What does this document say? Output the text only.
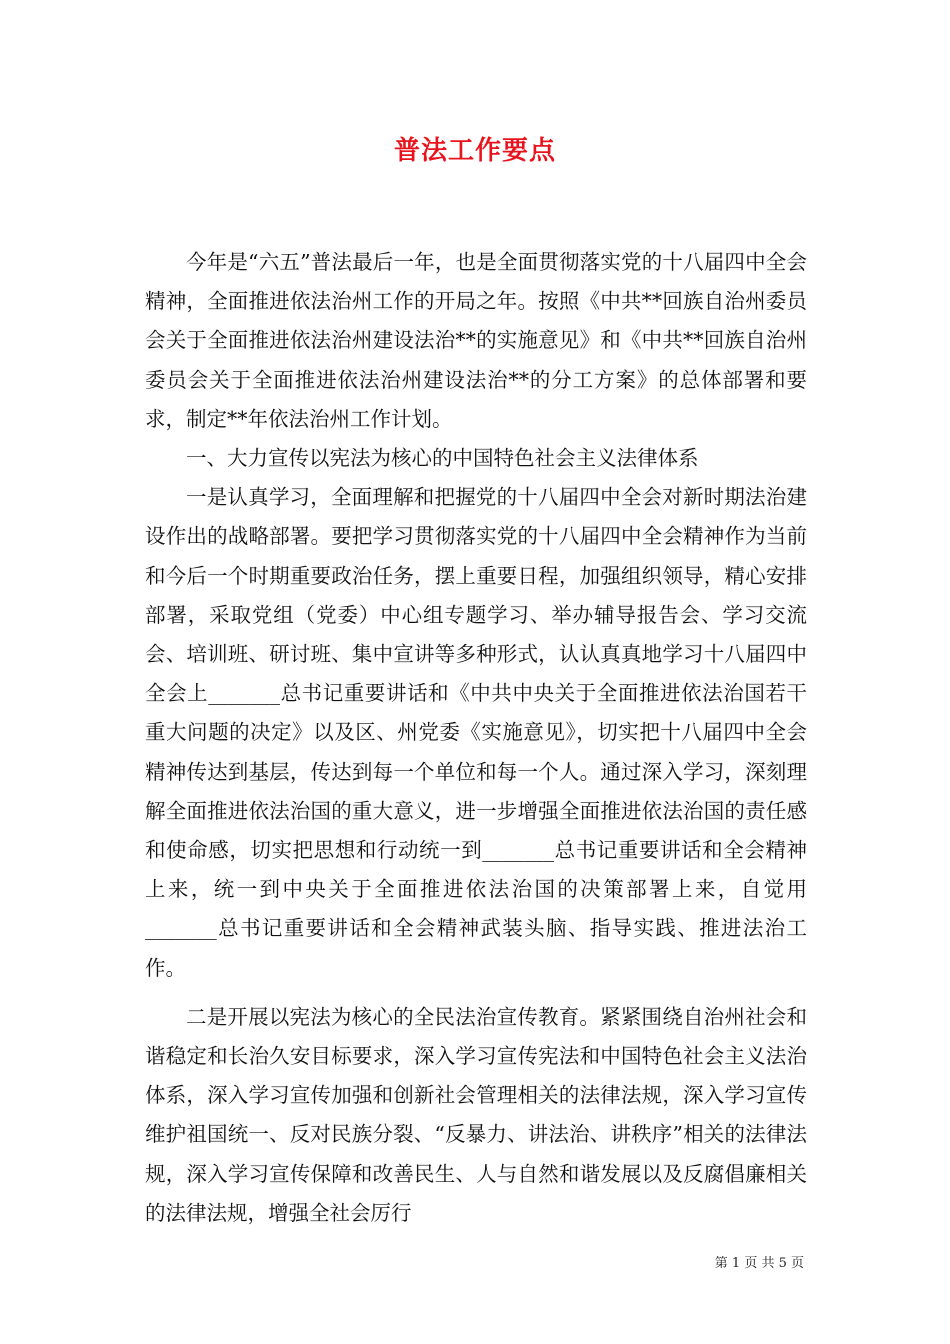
普法工作要点

今年是“六五”普法最后一年，也是全面贯彻落实党的十八届四中全会精神，全面推进依法治州工作的开局之年。按照《中共**回族自治州委员会关于全面推进依法治州建设法治**的实施意见》和《中共**回族自治州委员会关于全面推进依法治州建设法治**的分工方案》的总体部署和要求，制定**年依法治州工作计划。

一、大力宣传以宪法为核心的中国特色社会主义法律体系

一是认真学习，全面理解和把握党的十八届四中全会对新时期法治建设作出的战略部署。要把学习贯彻落实党的十八届四中全会精神作为当前和今后一个时期重要政治任务，摆上重要日程，加强组织领导，精心安排部署，采取党组（党委）中心组专题学习、举办辅导报告会、学习交流会、培训班、研讨班、集中宣讲等多种形式，认认真真地学习十八届四中全会上_______总书记重要讲话和《中共中央关于全面推进依法治国若干重大问题的决定》以及区、州党委《实施意见》，切实把十八届四中全会精神传达到基层，传达到每一个单位和每一个人。通过深入学习，深刻理解全面推进依法治国的重大意义，进一步增强全面推进依法治国的责任感和使命感，切实把思想和行动统一到_______总书记重要讲话和全会精神上来，统一到中央关于全面推进依法治国的决策部署上来，自觉用_______总书记重要讲话和全会精神武装头脑、指导实践、推进法治工作。

二是开展以宪法为核心的全民法治宣传教育。紧紧围绕自治州社会和谐稳定和长治久安目标要求，深入学习宣传宪法和中国特色社会主义法治体系，深入学习宣传加强和创新社会管理相关的法律法规，深入学习宣传维护祖国统一、反对民族分裂、“反暴力、讲法治、讲秩序”相关的法律法规，深入学习宣传保障和改善民生、人与自然和谐发展以及反腐倡廉相关的法律法规，增强全社会厉行

第 1 页 共 5 页
